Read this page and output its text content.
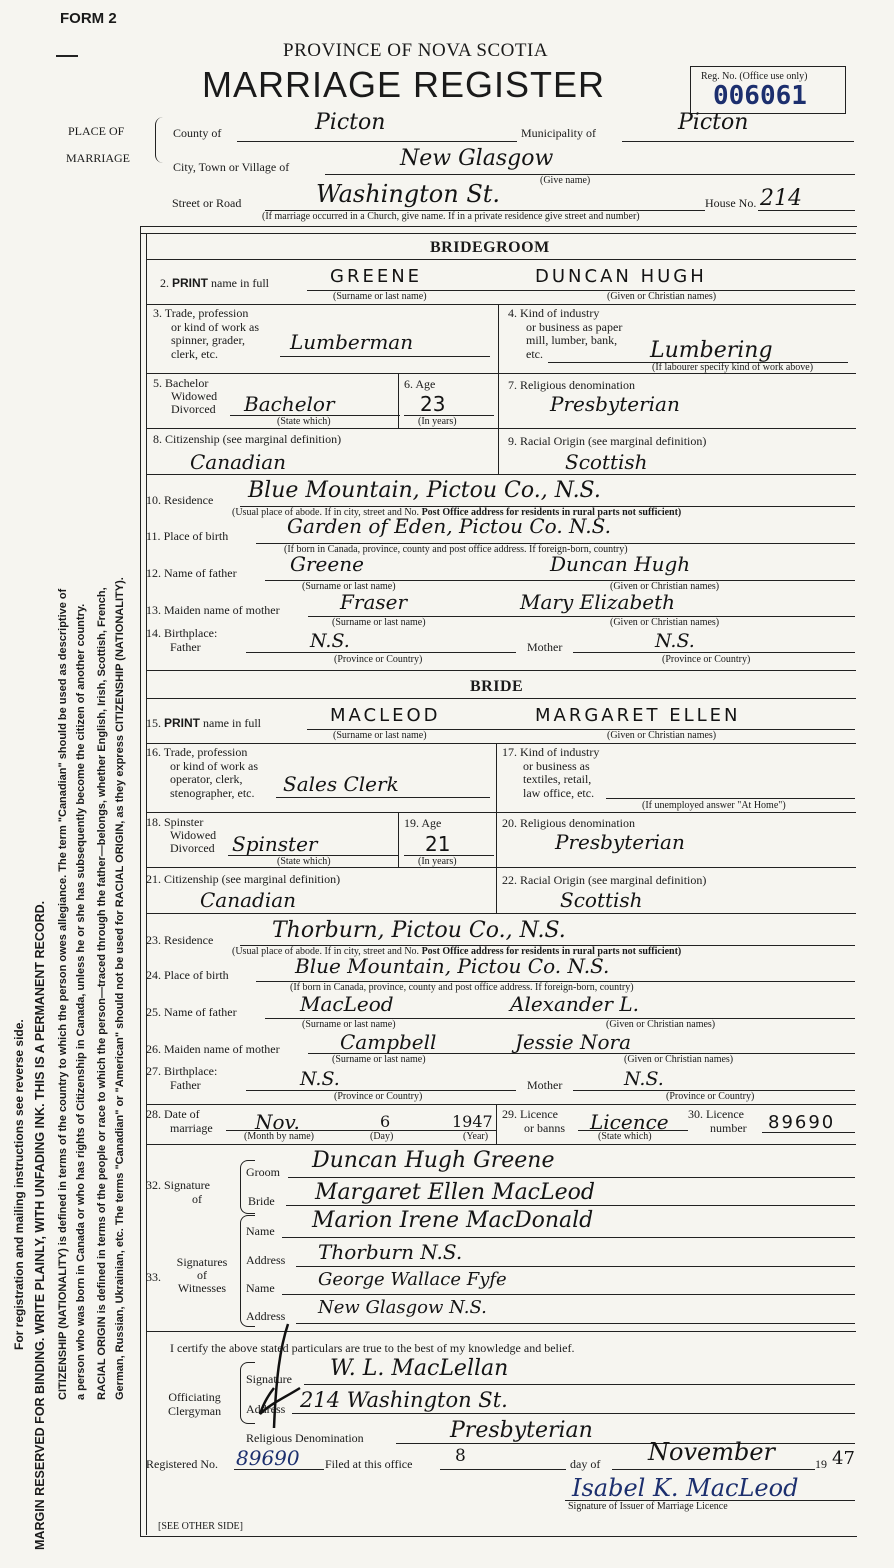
FORM 2
PROVINCE OF NOVA SCOTIA
MARRIAGE REGISTER	Reg. No. (Office use only)
006061
For registration and mailing instructions see reverse side. MARGIN RESERVED FOR BINDING. WRITE PLAINLY, WITH UNFADING INK. THIS IS A PERMANENT RECORD. CITIZENSHIP (NATIONALITY) is defined in terms of the country to which the person owes allegiance. The term "Canadian" should be used as descriptive of a person who was born in Canada or who has rights of Citizenship in Canada, unless he or she has subsequently become the citizen of another country. RACIAL ORIGIN is defined in terms of the people or race to which the person—traced through the father—belongs, whether English, Irish, Scottish, French, German, Russian, Ukrainian, etc. The terms "Canadian" or "American" should not be used for RACIAL ORIGIN, as they express CITIZENSHIP (NATIONALITY).
PLACE OF
MARRIAGE
County of	Picton	Municipality of	Picton
City, Town or Village of	New Glasgow
(Give name)
Street or Road	Washington St.	House No. 214
(If marriage occurred in a Church, give name. If in a private residence give street and number)
BRIDEGROOM
2. PRINT name in full	GREENE	DUNCAN HUGH
(Surname or last name)	(Given or Christian names)
3. Trade, profession
or kind of work as
spinner, grader,
clerk, etc.	Lumberman
4. Kind of industry
or business as paper
mill, lumber, bank,
etc.	Lumbering
(If labourer specify kind of work above)
5. Bachelor
Widowed
Divorced Bachelor
(State which)
6. Age
23
(In years)
7. Religious denomination
Presbyterian
8. Citizenship (see marginal definition)
Canadian
9. Racial Origin (see marginal definition)
Scottish
10. Residence Blue Mountain, Pictou Co., N.S.
(Usual place of abode. If in city, street and No. Post Office address for residents in rural parts not sufficient)
11. Place of birth	Garden of Eden, Pictou Co. N.S.
(If born in Canada, province, county and post office address. If foreign-born, country)
12. Name of father	Greene	Duncan Hugh
(Surname or last name)	(Given or Christian names)
13. Maiden name of mother	Fraser	Mary Elizabeth
(Surname or last name)	(Given or Christian names)
14. Birthplace:
Father	N.S.
(Province or Country)
Mother	N.S.
(Province or Country)
BRIDE
15. PRINT name in full	MACLEOD	MARGARET ELLEN
(Surname or last name)	(Given or Christian names)
16. Trade, profession
or kind of work as
operator, clerk,
stenographer, etc. Sales Clerk
17. Kind of industry
or business as
textiles, retail,
law office, etc.
(If unemployed answer "At Home")
18. Spinster
Widowed
Divorced Spinster
(State which)
19. Age
21
(In years)
20. Religious denomination
Presbyterian
21. Citizenship (see marginal definition)
Canadian
22. Racial Origin (see marginal definition)
Scottish
23. Residence	Thorburn, Pictou Co., N.S.
(Usual place of abode. If in city, street and No. Post Office address for residents in rural parts not sufficient)
24. Place of birth	Blue Mountain, Pictou Co. N.S.
(If born in Canada, province, county and post office address. If foreign-born, country)
25. Name of father	MacLeod	Alexander L.
(Surname or last name)	(Given or Christian names)
26. Maiden name of mother	Campbell	Jessie Nora
(Surname or last name)	(Given or Christian names)
27. Birthplace:
Father	N.S.
(Province or Country)
Mother	N.S.
(Province or Country)
28. Date of
marriage Nov.	6	1947
(Month by name)	(Day)	(Year)
29. Licence
or banns Licence
(State which)
30. Licence
number 89690
32. Signature
of
Groom Duncan Hugh Greene
Bride Margaret Ellen MacLeod
33.
Signatures
of
Witnesses
Name Marion Irene MacDonald
Address Thorburn N.S.
Name George Wallace Fyfe
Address New Glasgow N.S.
I certify the above stated particulars are true to the best of my knowledge and belief.
Officiating
Clergyman
Signature W. L. MacLellan
Address 214 Washington St.
Religious Denomination	Presbyterian
Registered No. 89690 Filed at this office	8	day of November	19 47
Isabel K. MacLeod
Signature of Issuer of Marriage Licence
[SEE OTHER SIDE]
